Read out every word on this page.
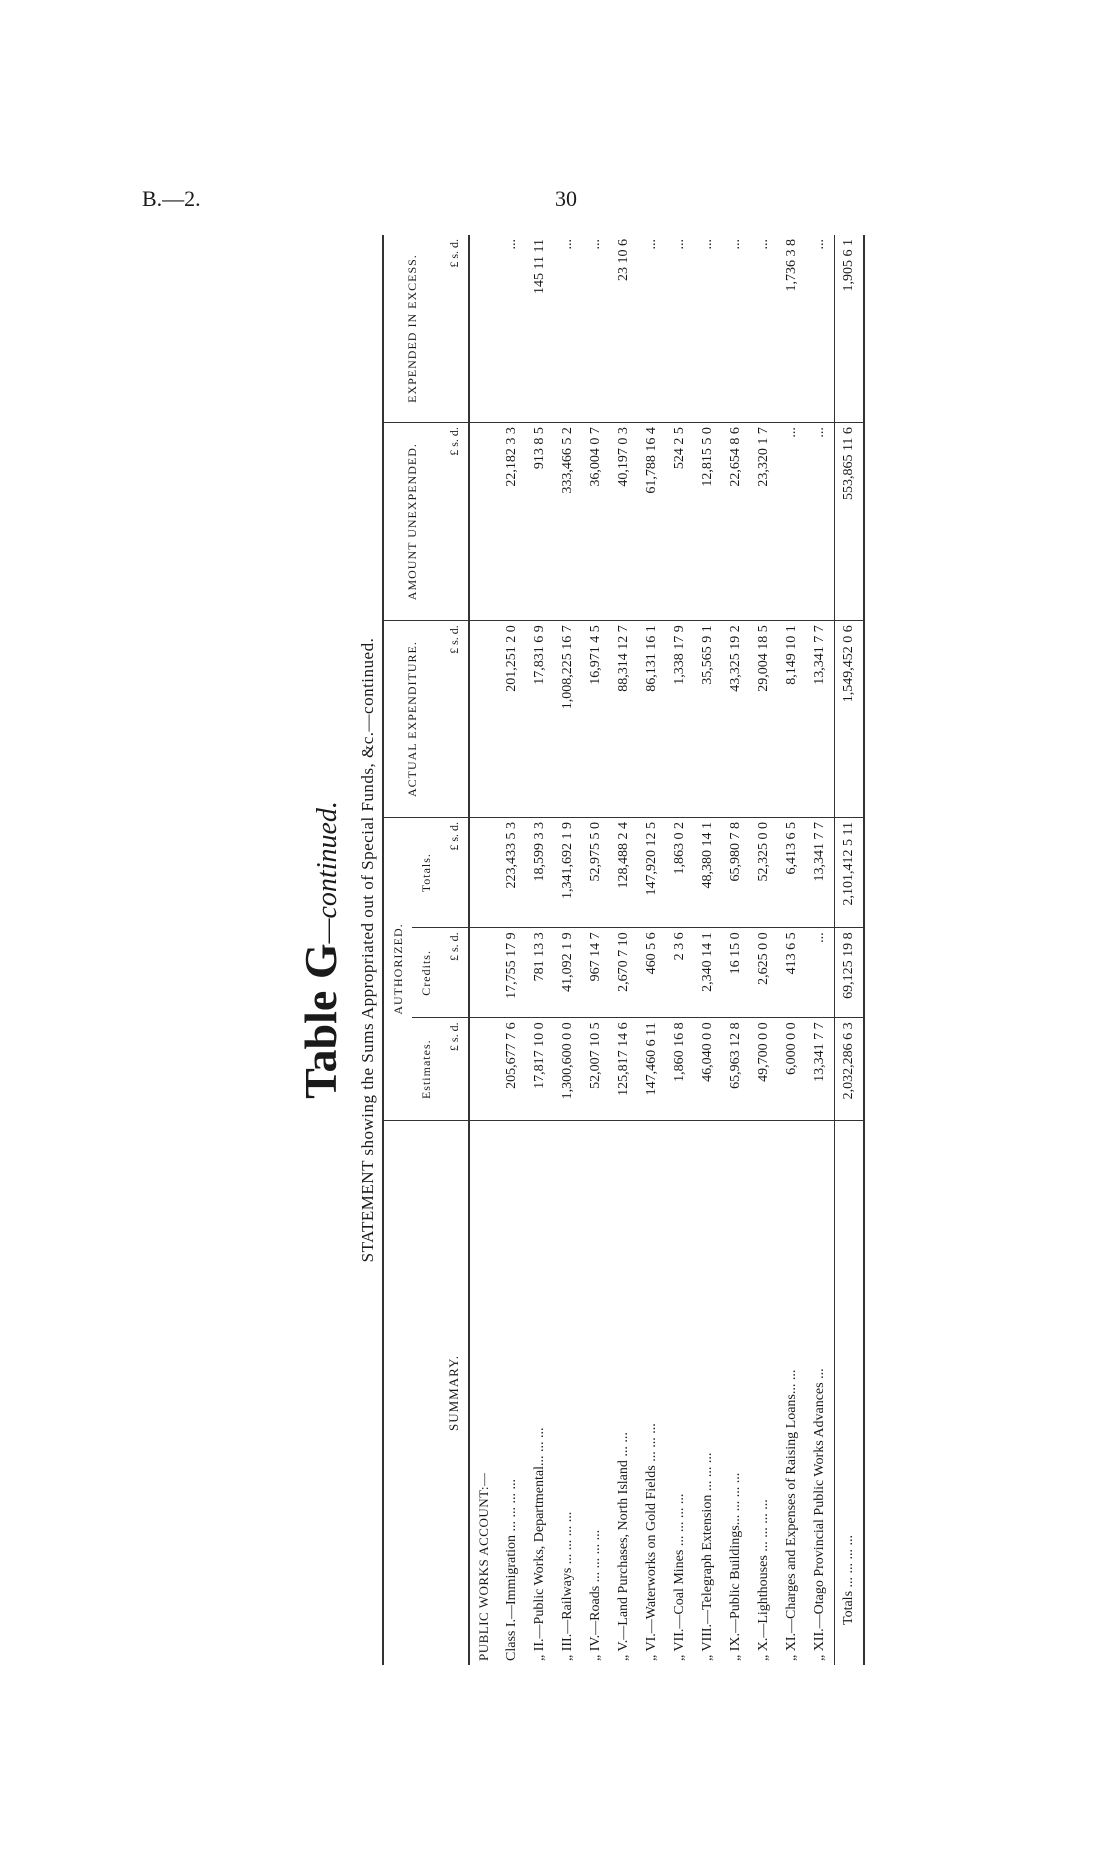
B.—2.	30
Table G—continued. STATEMENT showing the Sums Appropriated out of Special Funds, &c.—continued.
	AUTHORIZED.			ACTUAL EXPENDITURE.	AMOUNT UNEXPENDED.	EXPENDED IN EXCESS.
	Estimates.	Credits.	Totals.			
SUMMARY.	£ s. d.	£ s. d.	£ s. d.	£ s. d.	£ s. d.	£ s. d.
PUBLIC WORKS ACCOUNT:—						
Class I.—Immigration ... ... ... ...	205,677 7 6	17,755 17 9	223,433 5 3	201,251 2 0	22,182 3 3	...
„ II.—Public Works, Departmental... ... ...	17,817 10 0	781 13 3	18,599 3 3	17,831 6 9	913 8 5	145 11 11
„ III.—Railways ... ... ... ...	1,300,600 0 0	41,092 1 9	1,341,692 1 9	1,008,225 16 7	333,466 5 2	...
„ IV.—Roads ... ... ... ...	52,007 10 5	967 14 7	52,975 5 0	16,971 4 5	36,004 0 7	...
„ V.—Land Purchases, North Island ... ...	125,817 14 6	2,670 7 10	128,488 2 4	88,314 12 7	40,197 0 3	23 10 6
„ VI.—Waterworks on Gold Fields ... ... ...	147,460 6 11	460 5 6	147,920 12 5	86,131 16 1	61,788 16 4	...
„ VII.—Coal Mines ... ... ... ...	1,860 16 8	2 3 6	1,863 0 2	1,338 17 9	524 2 5	...
„ VIII.—Telegraph Extension ... ... ...	46,040 0 0	2,340 14 1	48,380 14 1	35,565 9 1	12,815 5 0	...
„ IX.—Public Buildings... ... ... ...	65,963 12 8	16 15 0	65,980 7 8	43,325 19 2	22,654 8 6	...
„ X.—Lighthouses ... ... ... ...	49,700 0 0	2,625 0 0	52,325 0 0	29,004 18 5	23,320 1 7	...
„ XI.—Charges and Expenses of Raising Loans... ...	6,000 0 0	413 6 5	6,413 6 5	8,149 10 1	...	1,736 3 8
„ XII.—Otago Provincial Public Works Advances ...	13,341 7 7	...	13,341 7 7	13,341 7 7	...	...
Totals ... ... ... ...	2,032,286 6 3	69,125 19 8	2,101,412 5 11	1,549,452 0 6	553,865 11 6	1,905 6 1
